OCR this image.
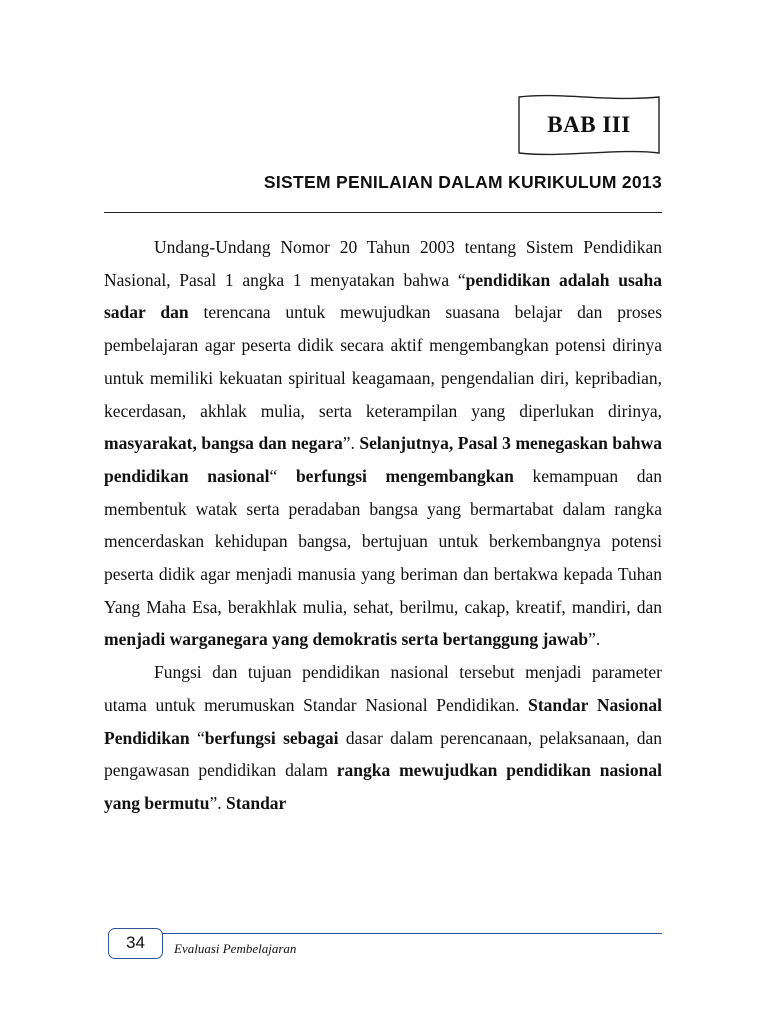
BAB III
SISTEM PENILAIAN DALAM KURIKULUM 2013

Undang-Undang Nomor 20 Tahun 2003 tentang Sistem Pendidikan Nasional, Pasal 1 angka 1 menyatakan bahwa “pendidikan adalah usaha sadar dan terencana untuk mewujudkan suasana belajar dan proses pembelajaran agar peserta didik secara aktif mengembangkan potensi dirinya untuk memiliki kekuatan spiritual keagamaan, pengendalian diri, kepribadian, kecerdasan, akhlak mulia, serta keterampilan yang diperlukan dirinya, masyarakat, bangsa dan negara”. Selanjutnya, Pasal 3 menegaskan bahwa pendidikan nasional“ berfungsi mengembangkan kemampuan dan membentuk watak serta peradaban bangsa yang bermartabat dalam rangka mencerdaskan kehidupan bangsa, bertujuan untuk berkembangnya potensi peserta didik agar menjadi manusia yang beriman dan bertakwa kepada Tuhan Yang Maha Esa, berakhlak mulia, sehat, berilmu, cakap, kreatif, mandiri, dan menjadi warganegara yang demokratis serta bertanggung jawab”.

Fungsi dan tujuan pendidikan nasional tersebut menjadi parameter utama untuk merumuskan Standar Nasional Pendidikan. Standar Nasional Pendidikan “berfungsi sebagai dasar dalam perencanaan, pelaksanaan, dan pengawasan pendidikan dalam rangka mewujudkan pendidikan nasional yang bermutu”. Standar

34	Evaluasi Pembelajaran
